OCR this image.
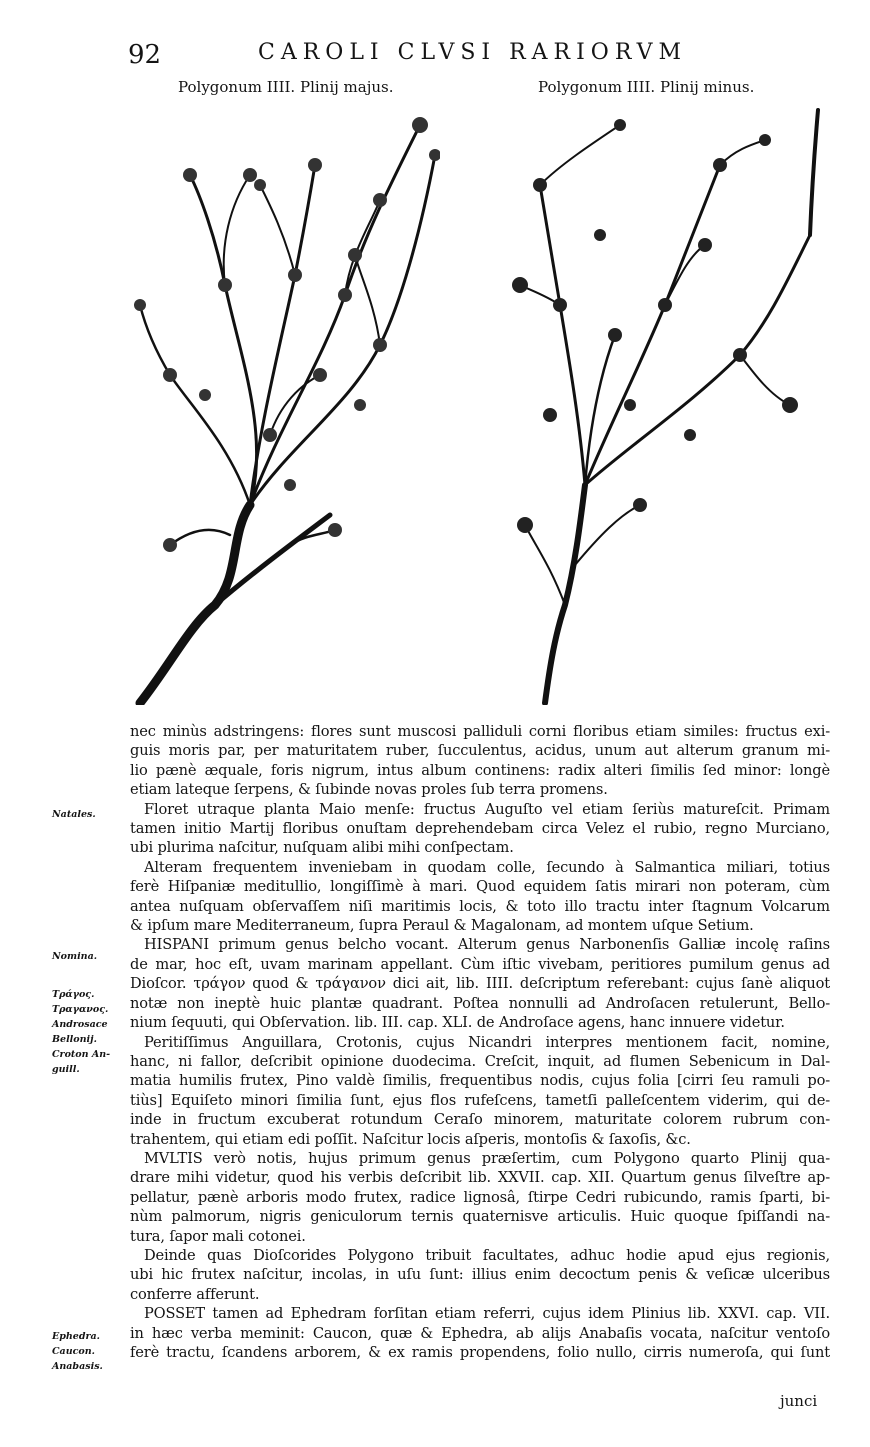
92	CAROLI CLVSI RARIORVM
Polygonum IIII. Plinij majus.	Polygonum IIII. Plinij minus.
Natales.
Nomina.
Τράγος.
Τραγανος.
Androsace
Bellonij.
Croton An-
guill.
Ephedra.
Caucon.
Anabasis.

nec minùs adstringens: flores sunt muscosi palliduli corni floribus etiam similes: fructus exi-

guis moris par, per maturitatem ruber, ſucculentus, acidus, unum aut alterum granum mi-

lio pænè æquale, foris nigrum, intus album continens: radix alteri ſimilis ſed minor: longè

etiam lateque ſerpens, & ſubinde novas proles ſub terra promens.

Floret utraque planta Maio menſe: fructus Auguſto vel etiam ſeriùs matureſcit. Primam

tamen initio Martij floribus onuſtam deprehendebam circa Velez el rubio, regno Murciano,

ubi plurima naſcitur, nuſquam alibi mihi conſpectam.

Alteram frequentem inveniebam in quodam colle, ſecundo à Salmantica miliari, totius

ferè Hiſpaniæ meditullio, longiſſimè à mari. Quod equidem ſatis mirari non poteram, cùm

antea nuſquam obſervaſſem niſi maritimis locis, & toto illo tractu inter ſtagnum Volcarum

& ipſum mare Mediterraneum, ſupra Peraul & Magalonam, ad montem uſque Setium.

HISPANI primum genus belcho vocant. Alterum genus Narbonenſis Galliæ incolę raſins

de mar, hoc eſt, uvam marinam appellant. Cùm iſtic vivebam, peritiores pumilum genus ad

Dioſcor. τράγον quod & τράγανον dici ait, lib. IIII. deſcriptum referebant: cujus ſanè aliquot

notæ non ineptè huic plantæ quadrant. Poſtea nonnulli ad Androſacen retulerunt, Bello-

nium ſequuti, qui Obſervation. lib. III. cap. XLI. de Androſace agens, hanc innuere videtur.

Peritiſſimus Anguillara, Crotonis, cujus Nicandri interpres mentionem facit, nomine,

hanc, ni fallor, deſcribit opinione duodecima. Creſcit, inquit, ad flumen Sebenicum in Dal-

matia humilis frutex, Pino valdè ſimilis, frequentibus nodis, cujus folia [cirri ſeu ramuli po-

tiùs] Equiſeto minori ſimilia ſunt, ejus flos rufeſcens, tametſi palleſcentem viderim, qui de-

inde in fructum excuberat rotundum Ceraſo minorem, maturitate colorem rubrum con-

trahentem, qui etiam edi poſſit. Naſcitur locis aſperis, montoſis & ſaxoſis, &c.

MVLTIS verò notis, hujus primum genus præſertim, cum Polygono quarto Plinij qua-

drare mihi videtur, quod his verbis deſcribit lib. XXVII. cap. XII. Quartum genus ſilveſtre ap-

pellatur, pænè arboris modo frutex, radice lignosâ, ſtirpe Cedri rubicundo, ramis ſparti, bi-

nùm palmorum, nigris geniculorum ternis quaternisve articulis. Huic quoque ſpiſſandi na-

tura, ſapor mali cotonei.

Deinde quas Dioſcorides Polygono tribuit facultates, adhuc hodie apud ejus regionis,

ubi hic frutex naſcitur, incolas, in uſu ſunt: illius enim decoctum penis & veſicæ ulceribus

conferre afferunt.

POSSET tamen ad Ephedram forſitan etiam referri, cujus idem Plinius lib. XXVI. cap. VII.

in hæc verba meminit: Caucon, quæ & Ephedra, ab alijs Anabaſis vocata, naſcitur ventoſo

ferè tractu, ſcandens arborem, & ex ramis propendens, folio nullo, cirris numeroſa, qui ſunt

junci
